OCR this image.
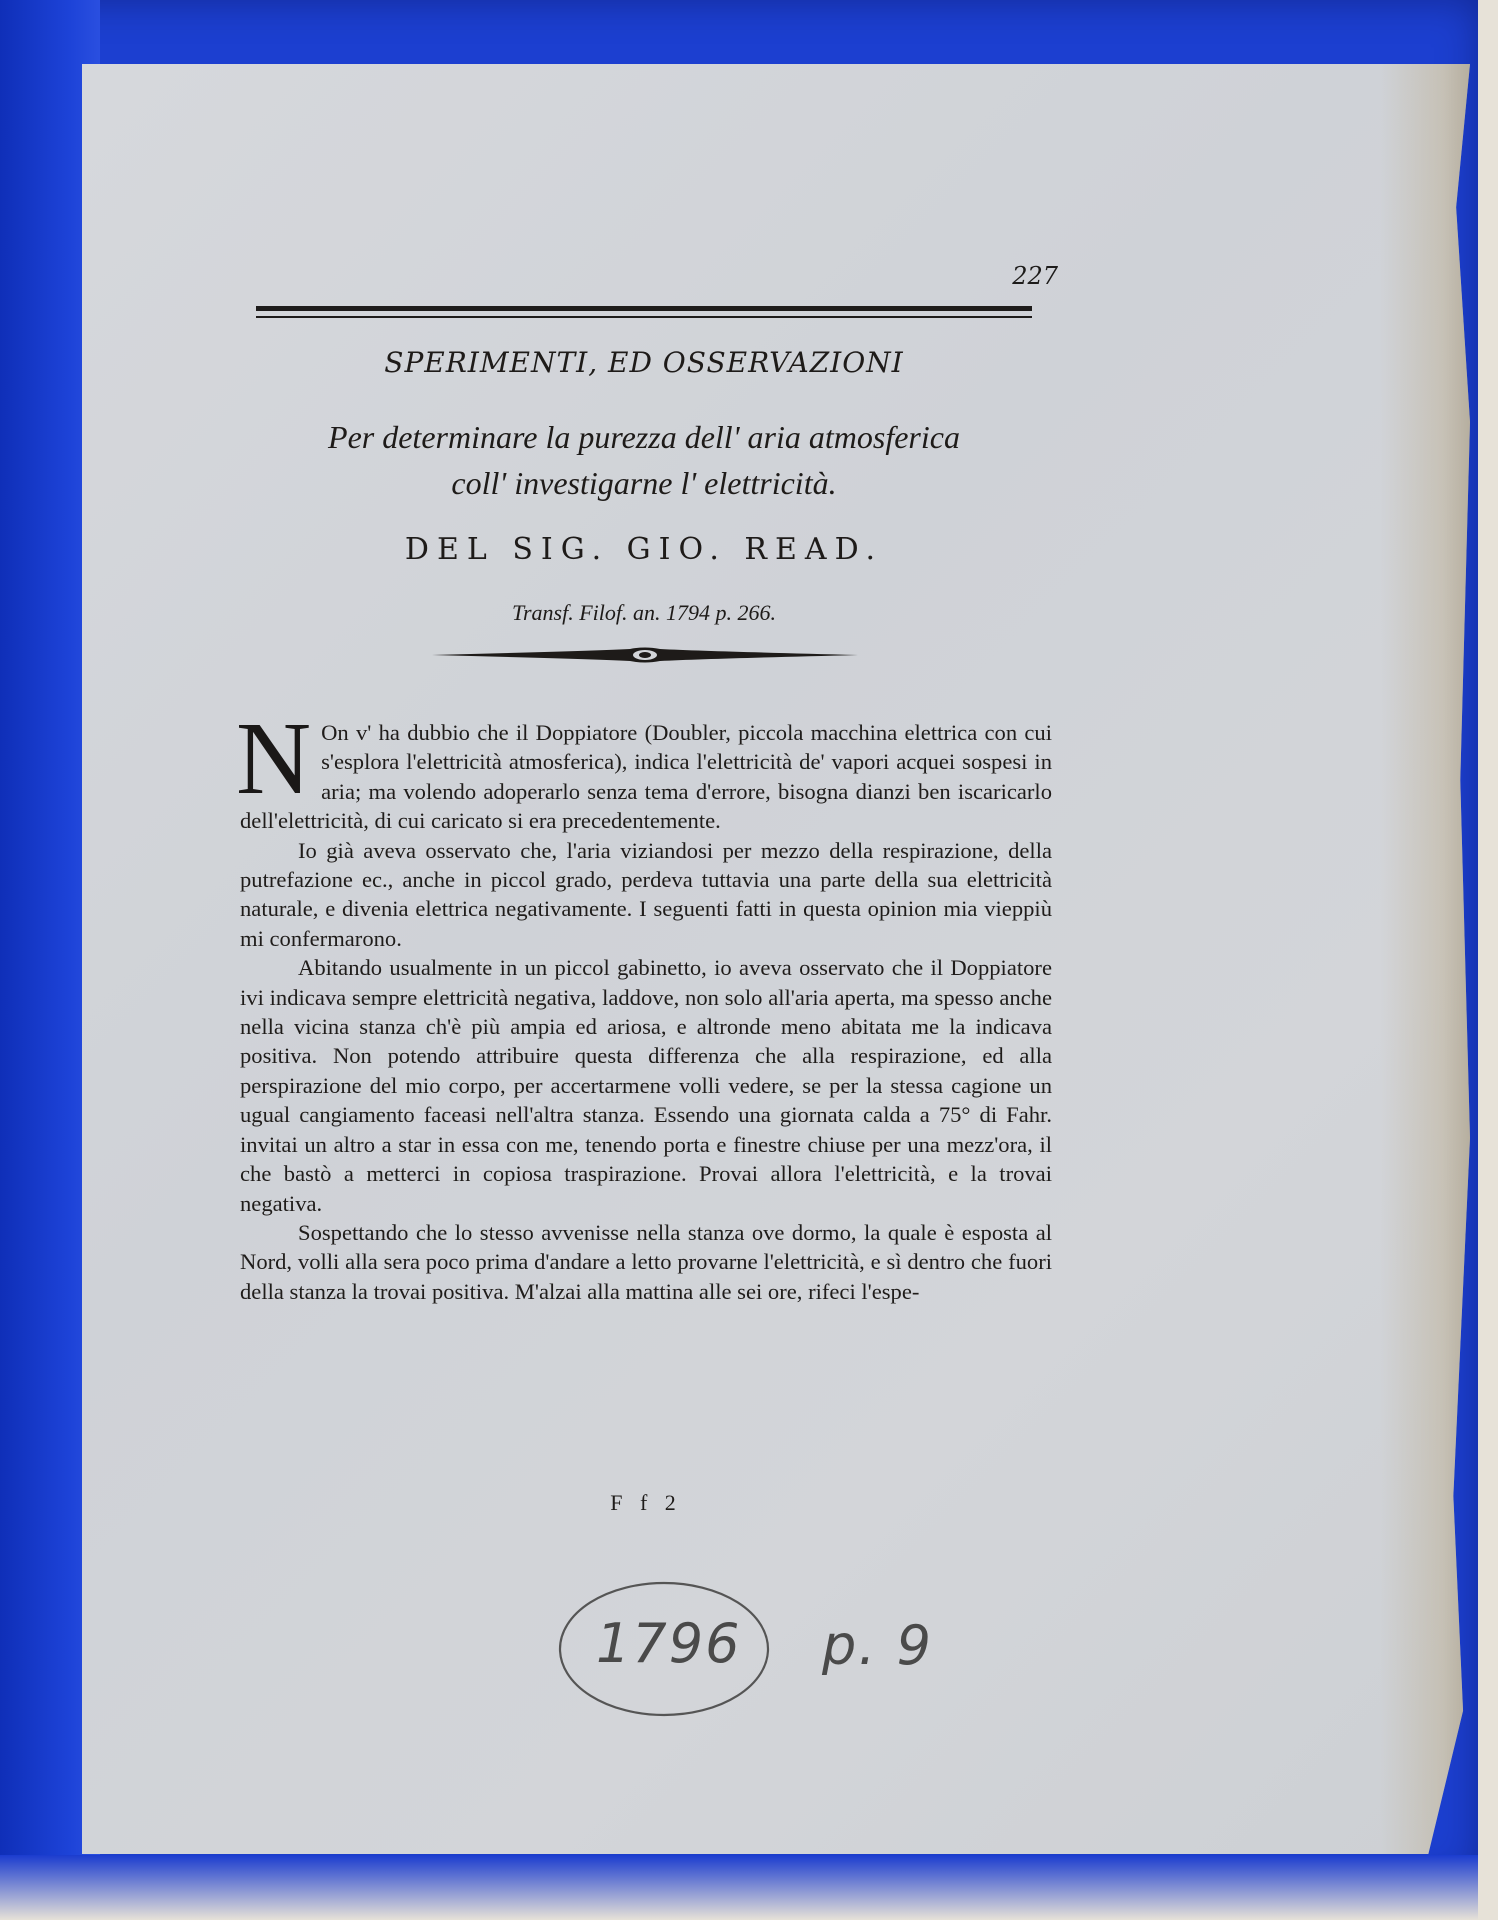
227
SPERIMENTI, ED OSSERVAZIONI
Per determinare la purezza dell' aria atmosferica
coll' investigarne l' elettricità.
DEL SIG. GIO. READ.
Transf. Filof. an. 1794 p. 266.
N On v' ha dubbio che il Doppiatore (Doubler, piccola macchina elettrica con cui s'esplora l'elettricità atmosferica), indica l'elettricità de' vapori acquei sospesi in aria; ma volendo adoperarlo senza tema d'errore, bisogna dianzi ben iscaricarlo dell'elettricità, di cui caricato si era precedentemente.

Io già aveva osservato che, l'aria viziandosi per mezzo della respirazione, della putrefazione ec., anche in piccol grado, perdeva tuttavia una parte della sua elettricità naturale, e divenia elettrica negativamente. I seguenti fatti in questa opinion mia vieppiù mi confermarono.

Abitando usualmente in un piccol gabinetto, io aveva osservato che il Doppiatore ivi indicava sempre elettricità negativa, laddove, non solo all'aria aperta, ma spesso anche nella vicina stanza ch'è più ampia ed ariosa, e altronde meno abitata me la indicava positiva. Non potendo attribuire questa differenza che alla respirazione, ed alla perspirazione del mio corpo, per accertarmene volli vedere, se per la stessa cagione un ugual cangiamento faceasi nell'altra stanza. Essendo una giornata calda a 75° di Fahr. invitai un altro a star in essa con me, tenendo porta e finestre chiuse per una mezz'ora, il che bastò a metterci in copiosa traspirazione. Provai allora l'elettricità, e la trovai negativa.

Sospettando che lo stesso avvenisse nella stanza ove dormo, la quale è esposta al Nord, volli alla sera poco prima d'andare a letto provarne l'elettricità, e sì dentro che fuori della stanza la trovai positiva. M'alzai alla mattina alle sei ore, rifeci l'espe-

F f 2
1796 p. 9
